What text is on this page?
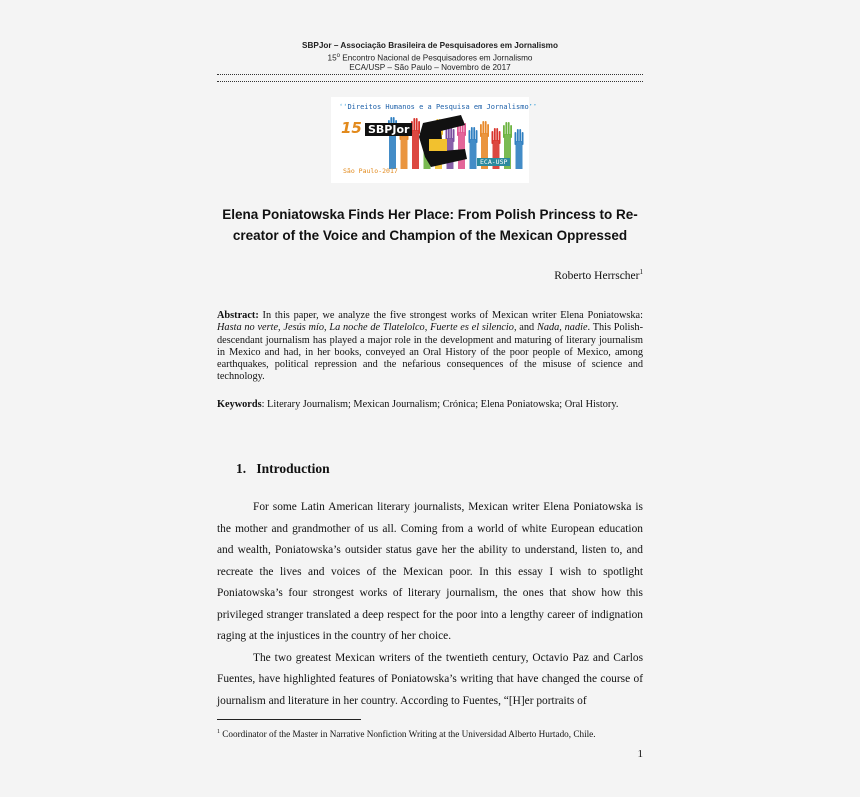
SBPJor – Associação Brasileira de Pesquisadores em Jornalismo
15$^o$ Encontro Nacional de Pesquisadores em Jornalismo
ECA/USP – São Paulo – Novembro de 2017
❛❛Direitos Humanos e a Pesquisa em Jornalismo❜❜
15 SBPJor
São Paulo-2017
ECA-USP
Elena Poniatowska Finds Her Place: From Polish Princess to Re-
creator of the Voice and Champion of the Mexican Oppressed
Roberto Herrscher$^1$
Abstract: In this paper, we analyze the five strongest works of Mexican writer Elena Poniatowska: Hasta no verte, Jesús mío, La noche de Tlatelolco, Fuerte es el silencio, and Nada, nadie. This Polish-descendant journalism has played a major role in the development and maturing of literary journalism in Mexico and had, in her books, conveyed an Oral History of the poor people of Mexico, among earthquakes, political repression and the nefarious consequences of the misuse of science and technology.
Keywords: Literary Journalism; Mexican Journalism; Crónica; Elena Poniatowska; Oral History.
1. Introduction

For some Latin American literary journalists, Mexican writer Elena Poniatowska is the mother and grandmother of us all. Coming from a world of white European education and wealth, Poniatowska’s outsider status gave her the ability to understand, listen to, and recreate the lives and voices of the Mexican poor. In this essay I wish to spotlight Poniatowska’s four strongest works of literary journalism, the ones that show how this privileged stranger translated a deep respect for the poor into a lengthy career of indignation raging at the injustices in the country of her choice.

The two greatest Mexican writers of the twentieth century, Octavio Paz and Carlos Fuentes, have highlighted features of Poniatowska’s writing that have changed the course of journalism and literature in her country. According to Fuentes, “[H]er portraits of

$^1$ Coordinator of the Master in Narrative Nonfiction Writing at the Universidad Alberto Hurtado, Chile.
1
